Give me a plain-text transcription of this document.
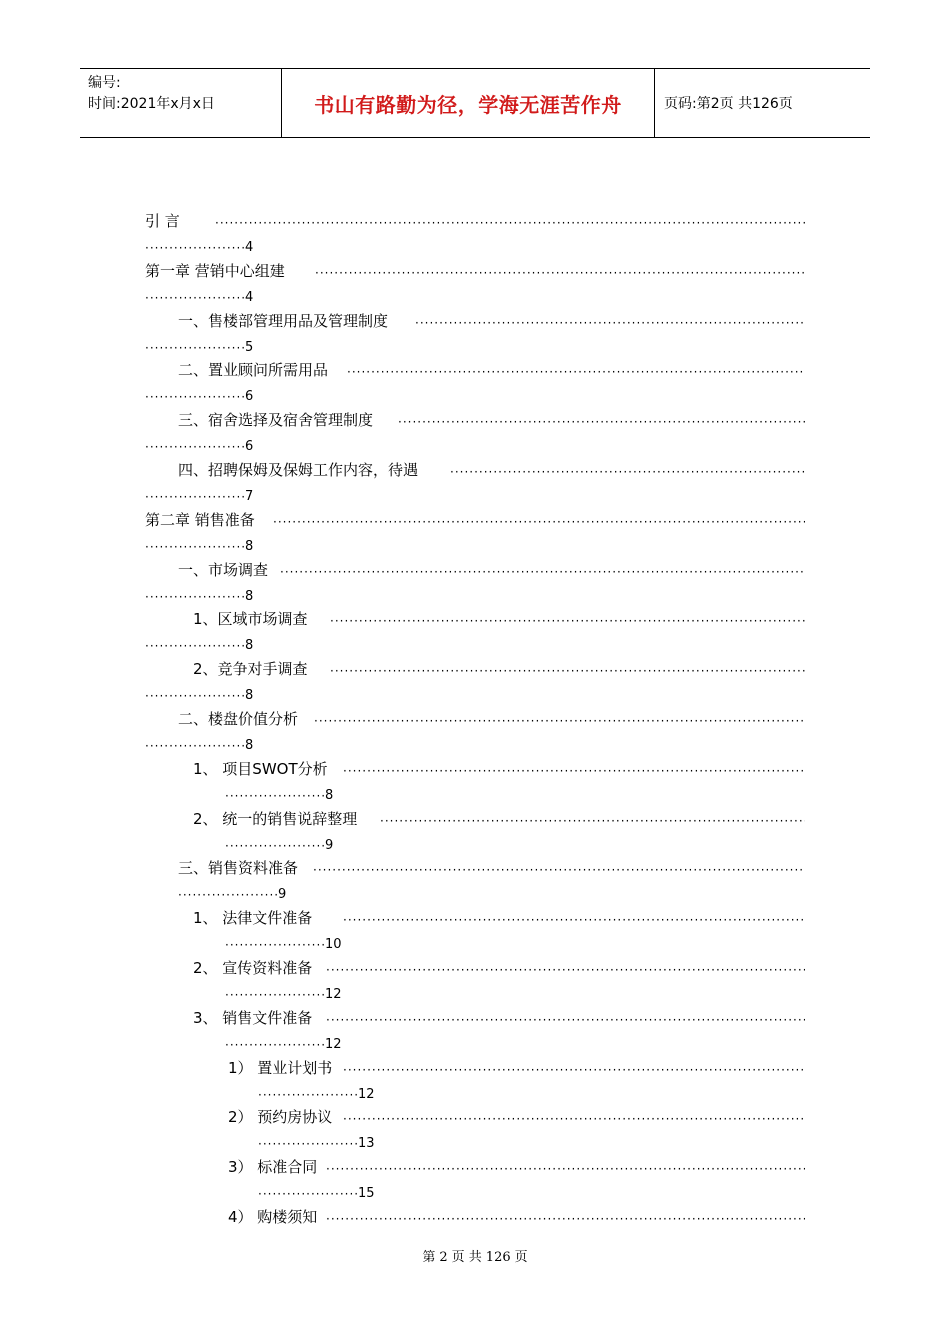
编号:
时间:2021年x月x日	书山有路勤为径，学海无涯苦作舟	页码:第2页 共126页
引 言
·····
·····
4
第一章 营销中心组建
·····
·····
4
一、售楼部管理用品及管理制度
·····
·····
5
二、置业顾问所需用品
·····
·····
6
三、宿舍选择及宿舍管理制度
·····
·····
6
四、招聘保姆及保姆工作内容，待遇
·····
·····
7
第二章 销售准备
·····
·····
8
一、市场调查
·····
·····
8
1、区域市场调查
·····
·····
8
2、竞争对手调查
·····
·····
8
二、楼盘价值分析
·····
·····
8
1、 项目SWOT分析
·····
·····
8
2、 统一的销售说辞整理
·····
·····
9
三、销售资料准备
·····
·····
9
1、 法律文件准备
·····
·····
10
2、 宣传资料准备
·····
·····
12
3、 销售文件准备
·····
·····
12
1） 置业计划书
·····
·····
12
2） 预约房协议
·····
·····
13
3） 标准合同
·····
·····
15
4） 购楼须知
·····
第 2 页 共 126 页
